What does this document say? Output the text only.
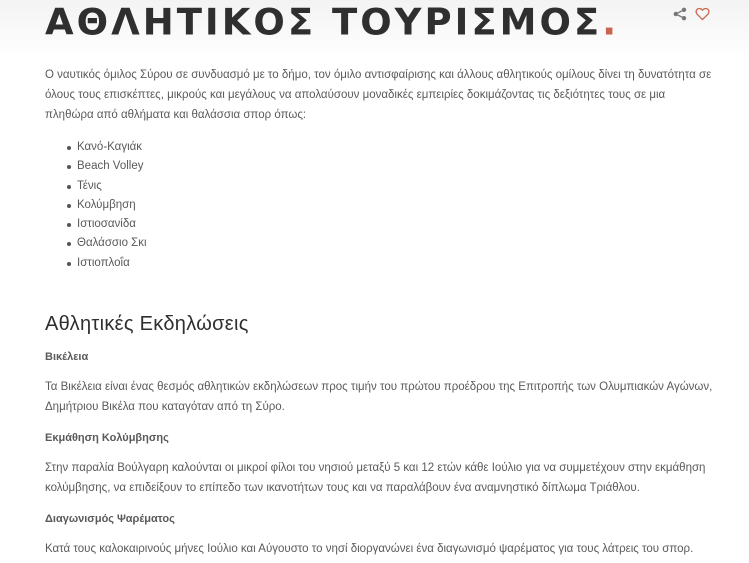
ΑΘΛΗΤΙΚΟΣ ΤΟΥΡΙΣΜΟΣ.

Ο ναυτικός όμιλος Σύρου σε συνδυασμό με το δήμο, τον όμιλο αντισφαίρισης και άλλους αθλητικούς ομίλους δίνει τη δυνατότητα σε όλους τους επισκέπτες, μικρούς και μεγάλους να απολαύσουν μοναδικές εμπειρίες δοκιμάζοντας τις δεξιότητες τους σε μια πληθώρα από αθλήματα και θαλάσσια σπορ όπως:

Κανό-Καγιάκ
Beach Volley
Τένις
Κολύμβηση
Ιστιοσανίδα
Θαλάσσιο Σκι
Ιστιοπλοΐα
Αθλητικές Εκδηλώσεις
Βικέλεια

Τα Βικέλεια είναι ένας θεσμός αθλητικών εκδηλώσεων προς τιμήν του πρώτου προέδρου της Επιτροπής των Ολυμπιακών Αγώνων, Δημήτριου Βικέλα που καταγόταν από τη Σύρο.

Εκμάθηση Κολύμβησης

Στην παραλία Βούλγαρη καλούνται οι μικροί φίλοι του νησιού μεταξύ 5 και 12 ετών κάθε Ιούλιο για να συμμετέχουν στην εκμάθηση κολύμβησης, να επιδείξουν το επίπεδο των ικανοτήτων τους και να παραλάβουν ένα αναμνηστικό δίπλωμα Τριάθλου.

Διαγωνισμός Ψαρέματος

Κατά τους καλοκαιρινούς μήνες Ιούλιο και Αύγουστο το νησί διοργανώνει ένα διαγωνισμό ψαρέματος για τους λάτρεις του σπορ.
